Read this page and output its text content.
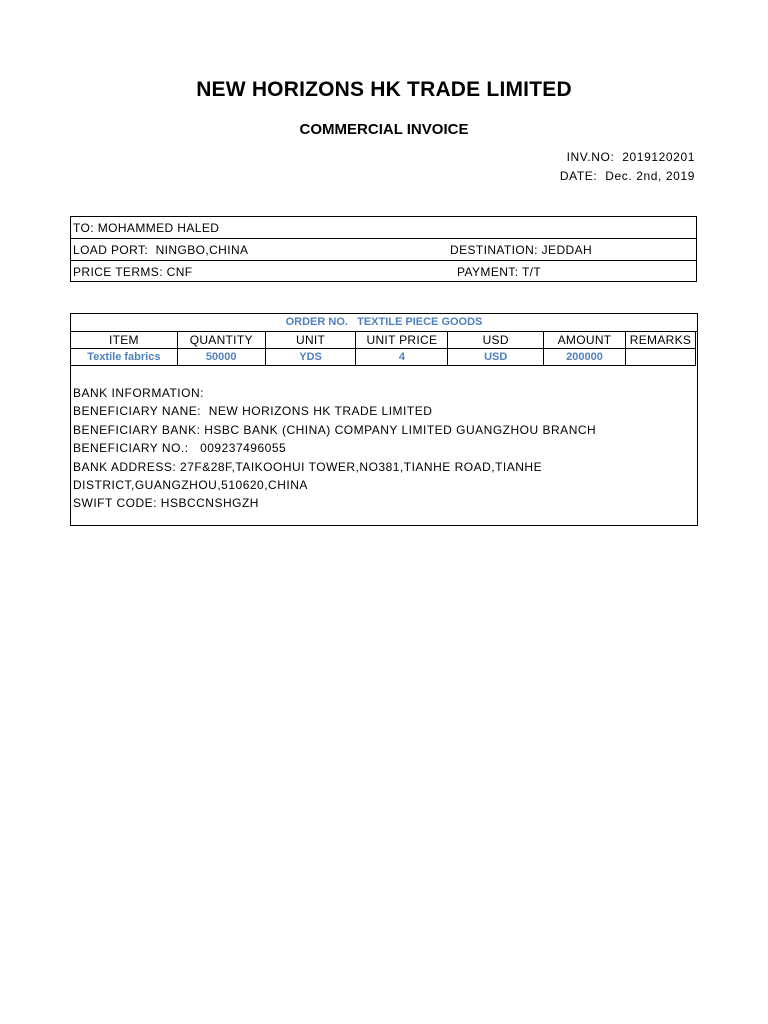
NEW HORIZONS HK TRADE LIMITED
COMMERCIAL INVOICE
INV.NO:  2019120201
DATE:  Dec. 2nd, 2019
TO: MOHAMMED HALED
LOAD PORT:  NINGBO,CHINA	DESTINATION: JEDDAH
PRICE TERMS: CNF	PAYMENT: T/T
ORDER NO.   TEXTILE PIECE GOODS
ITEM	QUANTITY	UNIT	UNIT PRICE	USD	AMOUNT	REMARKS
Textile fabrics	50000	YDS	4	USD	200000	
BANK INFORMATION:
BENEFICIARY NANE:  NEW HORIZONS HK TRADE LIMITED
BENEFICIARY BANK: HSBC BANK (CHINA) COMPANY LIMITED GUANGZHOU BRANCH
BENEFICIARY NO.:   009237496055
BANK ADDRESS: 27F&28F,TAIKOOHUI TOWER,NO381,TIANHE ROAD,TIANHE
DISTRICT,GUANGZHOU,510620,CHINA
SWIFT CODE: HSBCCNSHGZH
